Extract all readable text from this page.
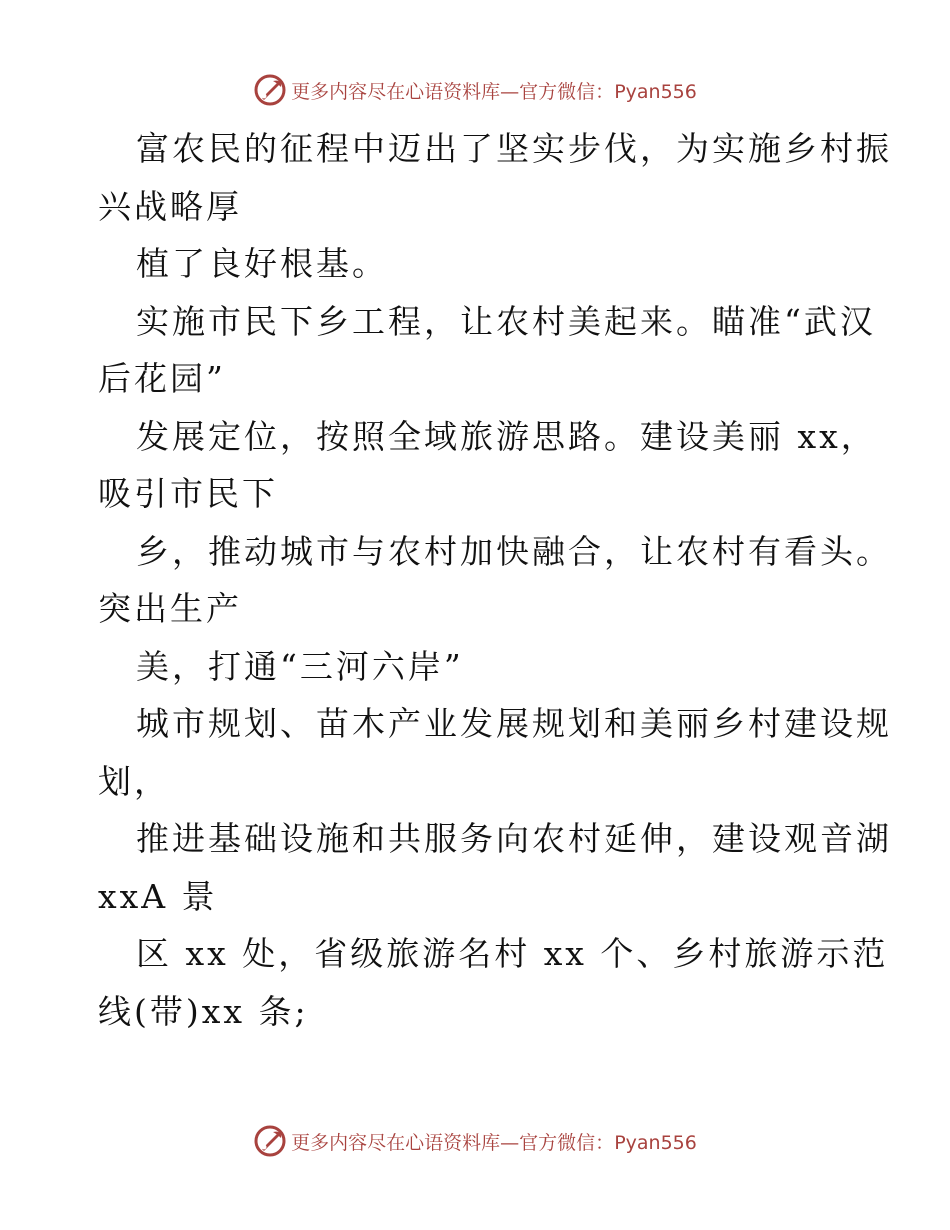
更多内容尽在心语资料库—官方微信：Pyan556
富农民的征程中迈出了坚实步伐，为实施乡村振
兴战略厚
植了良好根基。
实施市民下乡工程，让农村美起来。瞄准“武汉
后花园”
发展定位，按照全域旅游思路。建设美丽 xx，
吸引市民下
乡，推动城市与农村加快融合，让农村有看头。
突出生产
美，打通“三河六岸”
城市规划、苗木产业发展规划和美丽乡村建设规
划，
推进基础设施和共服务向农村延伸，建设观音湖
xxA 景
区 xx 处，省级旅游名村 xx 个、乡村旅游示范
线(带)xx 条;
更多内容尽在心语资料库—官方微信：Pyan556
